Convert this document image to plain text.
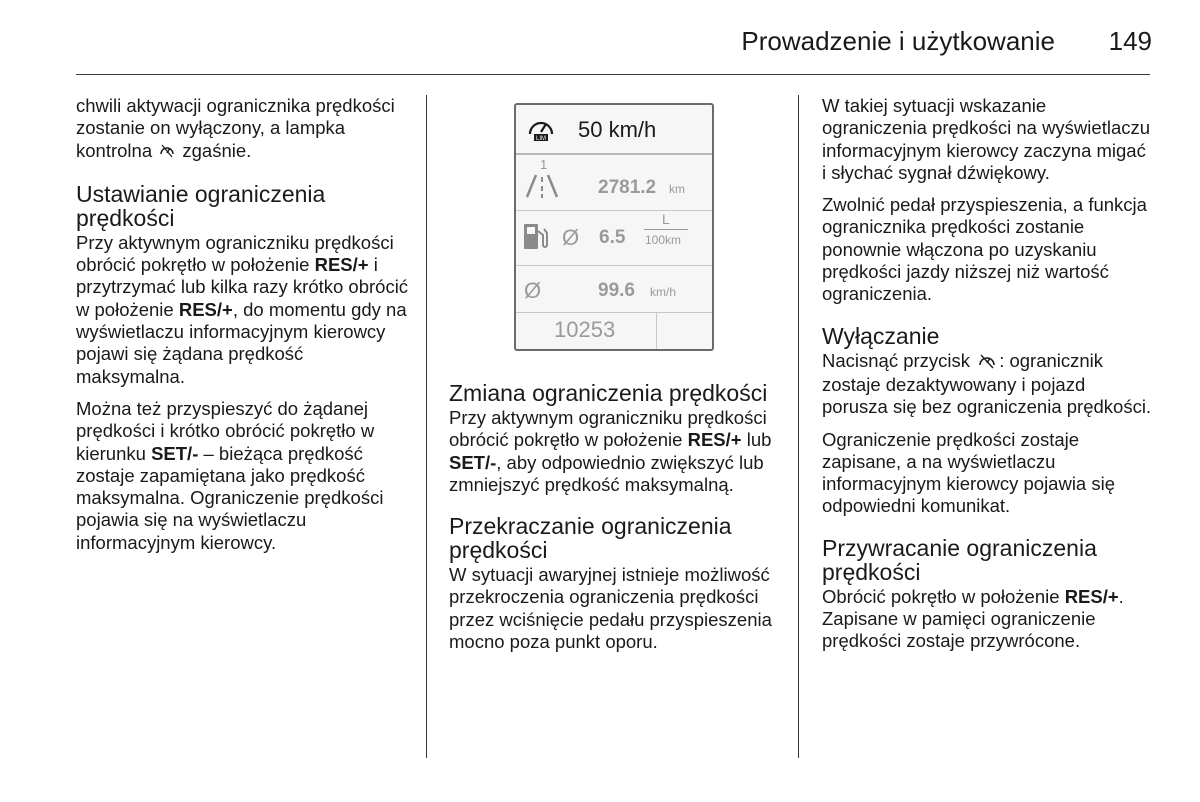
Prowadzenie i użytkowanie 149

chwili aktywacji ogranicznika prędkości zostanie on wyłączony, a lampka kontrolna zgaśnie.

Ustawianie ograniczenia prędkości

Przy aktywnym ograniczniku prędkości obrócić pokrętło w położenie RES/+ i przytrzymać lub kilka razy krótko obrócić w położenie RES/+, do momentu gdy na wyświetlaczu informacyjnym kierowcy pojawi się żądana prędkość maksymalna.

Można też przyspieszyć do żądanej prędkości i krótko obrócić pokrętło w kierunku SET/- – bieżąca prędkość zostaje zapamiętana jako prędkość maksymalna. Ograniczenie prędkości pojawia się na wyświetlaczu informacyjnym kierowcy.

LIM 50 km/h
1
2781.2 km
Ø 6.5
L
100km
Ø	99.6 km/h
10253
Zmiana ograniczenia prędkości

Przy aktywnym ograniczniku prędkości obrócić pokrętło w położenie RES/+ lub SET/-, aby odpowiednio zwiększyć lub zmniejszyć prędkość maksymalną.

Przekraczanie ograniczenia prędkości

W sytuacji awaryjnej istnieje możliwość przekroczenia ograniczenia prędkości przez wciśnięcie pedału przyspieszenia mocno poza punkt oporu.

W takiej sytuacji wskazanie ograniczenia prędkości na wyświetlaczu informacyjnym kierowcy zaczyna migać i słychać sygnał dźwiękowy.

Zwolnić pedał przyspieszenia, a funkcja ogranicznika prędkości zostanie ponownie włączona po uzyskaniu prędkości jazdy niższej niż wartość ograniczenia.

Wyłączanie

Nacisnąć przycisk : ogranicznik zostaje dezaktywowany i pojazd porusza się bez ograniczenia prędkości.

Ograniczenie prędkości zostaje zapisane, a na wyświetlaczu informacyjnym kierowcy pojawia się odpowiedni komunikat.

Przywracanie ograniczenia prędkości

Obrócić pokrętło w położenie RES/+. Zapisane w pamięci ograniczenie prędkości zostaje przywrócone.
